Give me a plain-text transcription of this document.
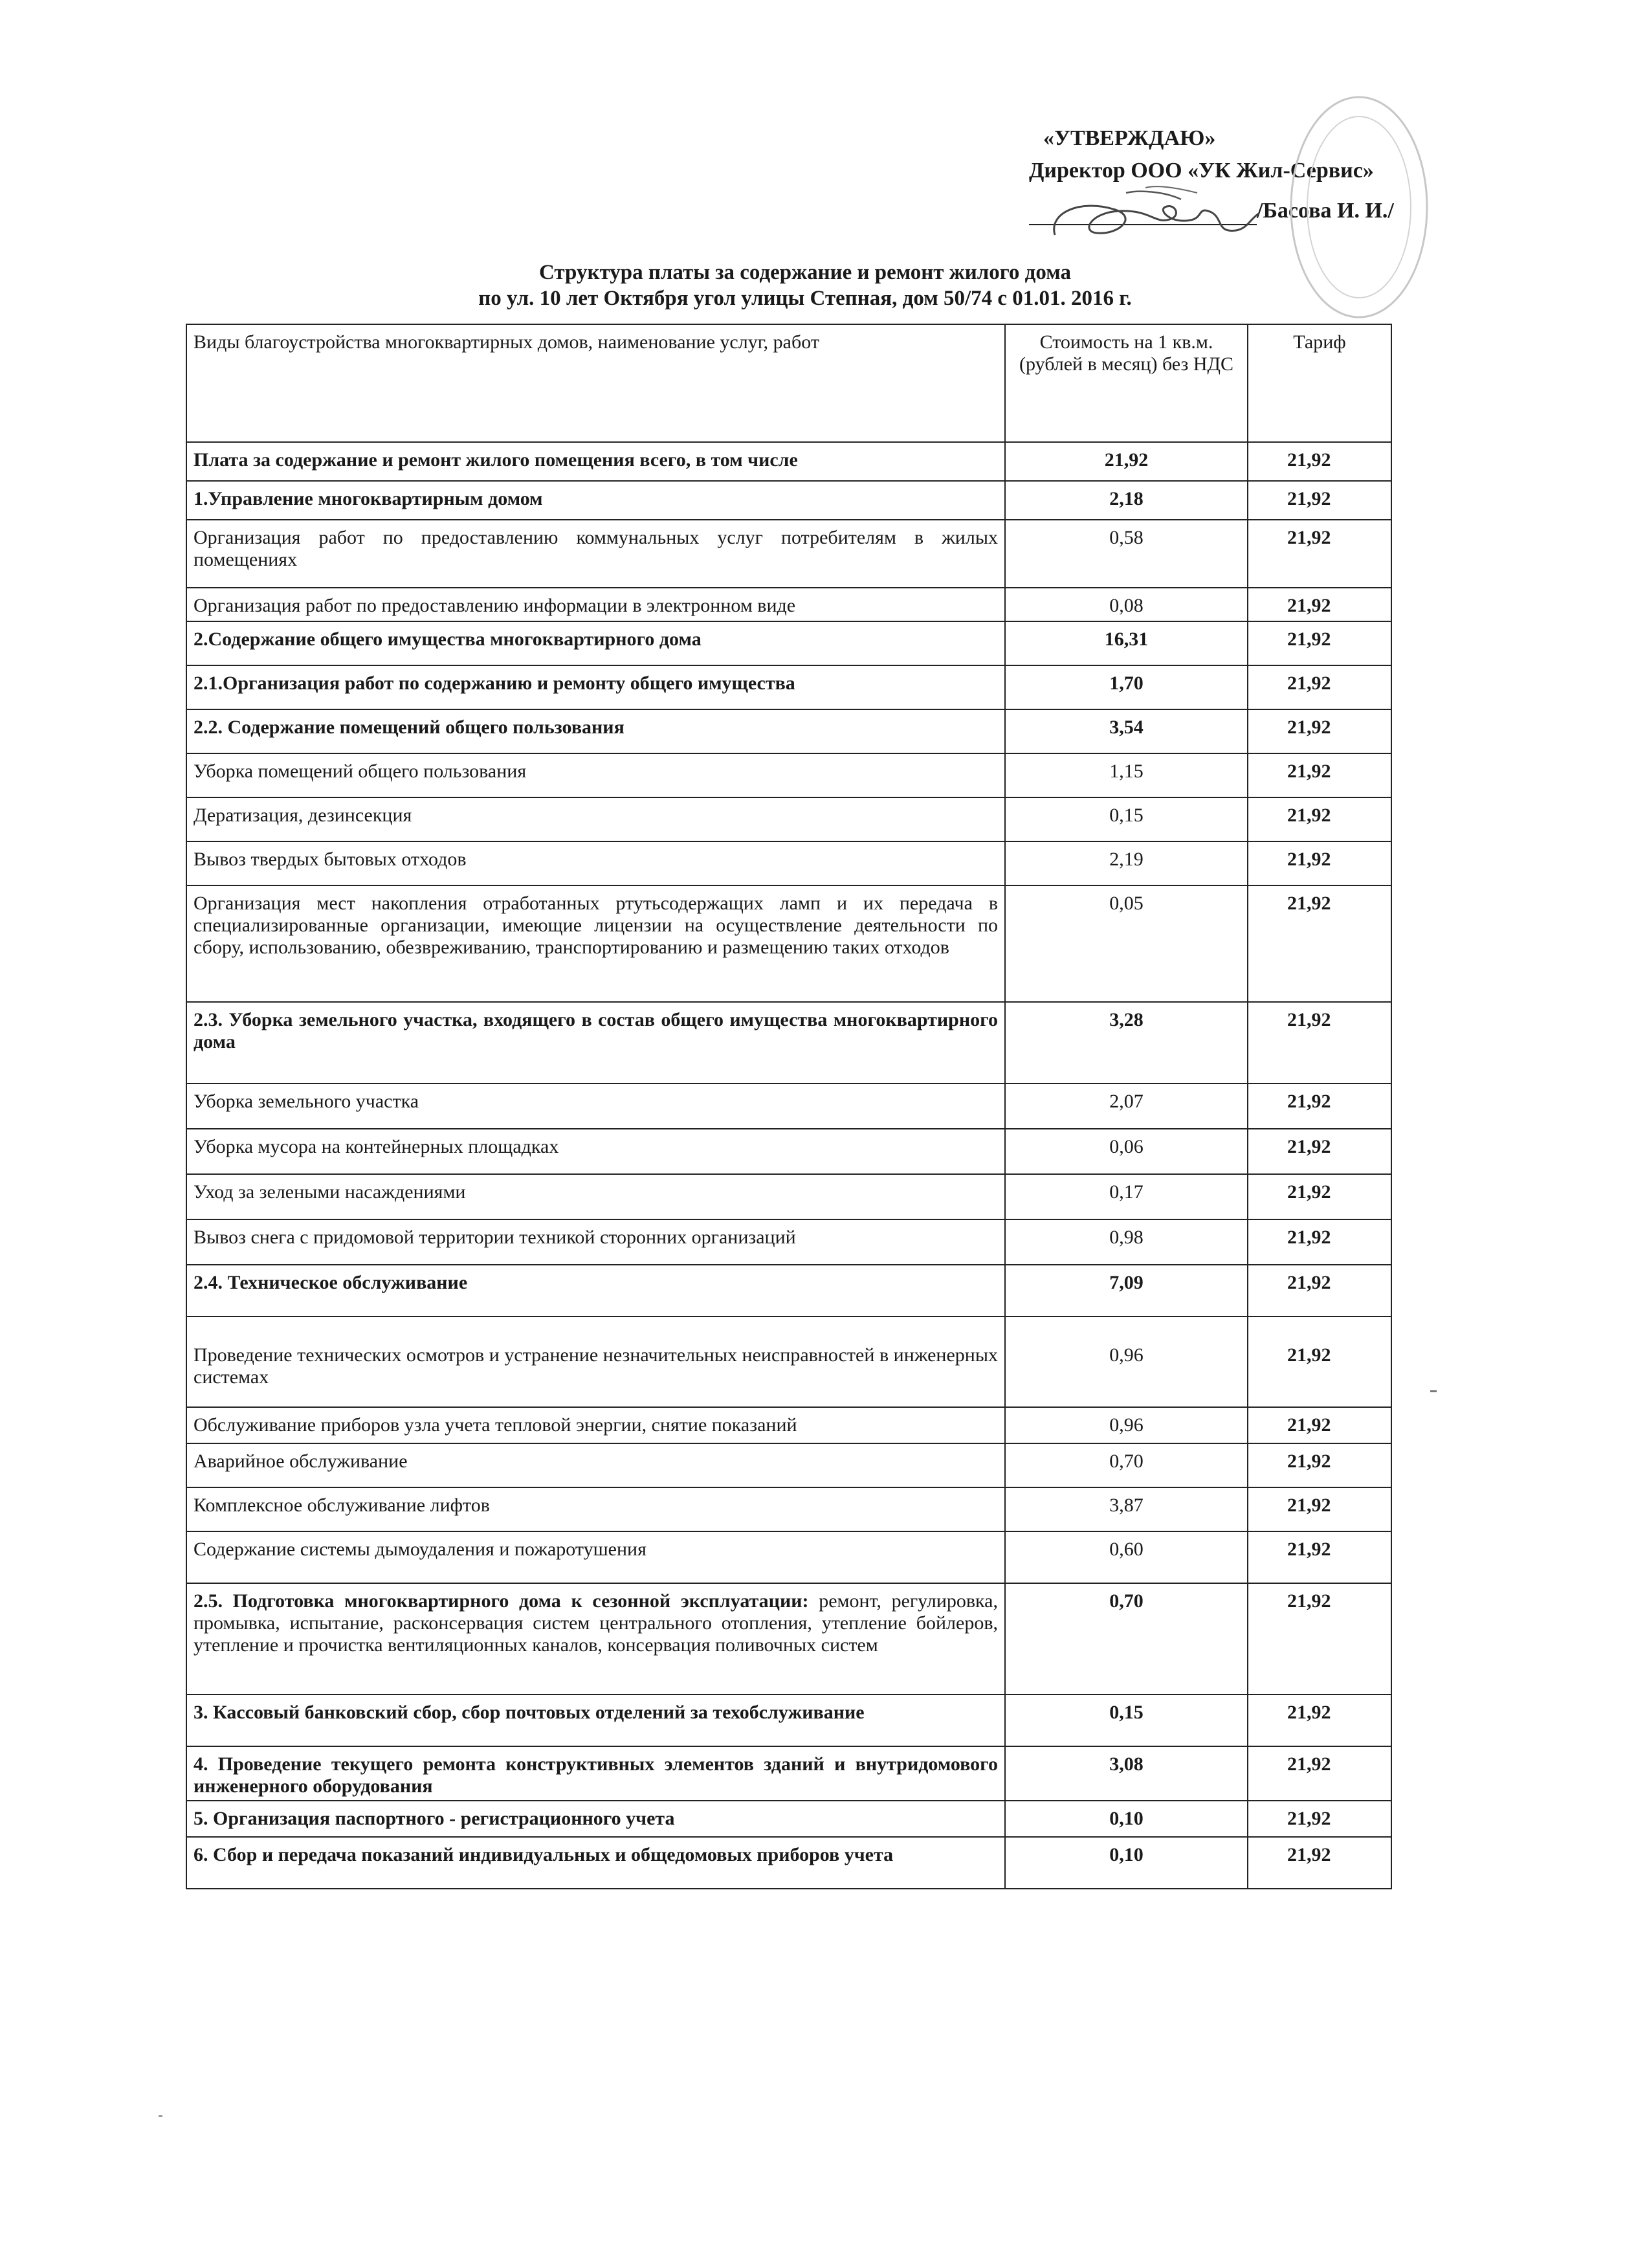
«УТВЕРЖДАЮ»
Директор ООО «УК Жил-Сервис»
/Басова И. И./
Структура платы за содержание и ремонт жилого дома
по ул. 10 лет Октября угол улицы Степная, дом 50/74 с 01.01. 2016 г.
Виды благоустройства многоквартирных домов, наименование услуг, работ	Стоимость на 1 кв.м. (рублей в месяц) без НДС	Тариф
Плата за содержание и ремонт жилого помещения всего, в том числе	21,92	21,92
1.Управление многоквартирным домом	2,18	21,92
Организация работ по предоставлению коммунальных услуг потребителям в жилых помещениях	0,58	21,92
Организация работ по предоставлению информации в электронном виде	0,08	21,92
2.Содержание общего имущества многоквартирного дома	16,31	21,92
2.1.Организация работ по содержанию и ремонту общего имущества	1,70	21,92
2.2. Содержание помещений общего пользования	3,54	21,92
Уборка помещений общего пользования	1,15	21,92
Дератизация, дезинсекция	0,15	21,92
Вывоз твердых бытовых отходов	2,19	21,92
Организация мест накопления отработанных ртутьсодержащих ламп и их передача в специализированные организации, имеющие лицензии на осуществление деятельности по сбору, использованию, обезвреживанию, транспортированию и размещению таких отходов	0,05	21,92
2.3. Уборка земельного участка, входящего в состав общего имущества многоквартирного дома	3,28	21,92
Уборка земельного участка	2,07	21,92
Уборка мусора на контейнерных площадках	0,06	21,92
Уход за зелеными насаждениями	0,17	21,92
Вывоз снега с придомовой территории техникой сторонних организаций	0,98	21,92
2.4. Техническое обслуживание	7,09	21,92
Проведение технических осмотров и устранение незначительных неисправностей в инженерных системах	0,96	21,92
Обслуживание приборов узла учета тепловой энергии, снятие показаний	0,96	21,92
Аварийное обслуживание	0,70	21,92
Комплексное обслуживание лифтов	3,87	21,92
Содержание системы дымоудаления и пожаротушения	0,60	21,92
2.5. Подготовка многоквартирного дома к сезонной эксплуатации: ремонт, регулировка, промывка, испытание, расконсервация систем центрального отопления, утепление бойлеров, утепление и прочистка вентиляционных каналов, консервация поливочных систем	0,70	21,92
3. Кассовый банковский сбор, сбор почтовых отделений за техобслуживание	0,15	21,92
4. Проведение текущего ремонта конструктивных элементов зданий и внутридомового инженерного оборудования	3,08	21,92
5. Организация паспортного - регистрационного учета	0,10	21,92
6. Сбор и передача показаний индивидуальных и общедомовых приборов учета	0,10	21,92
